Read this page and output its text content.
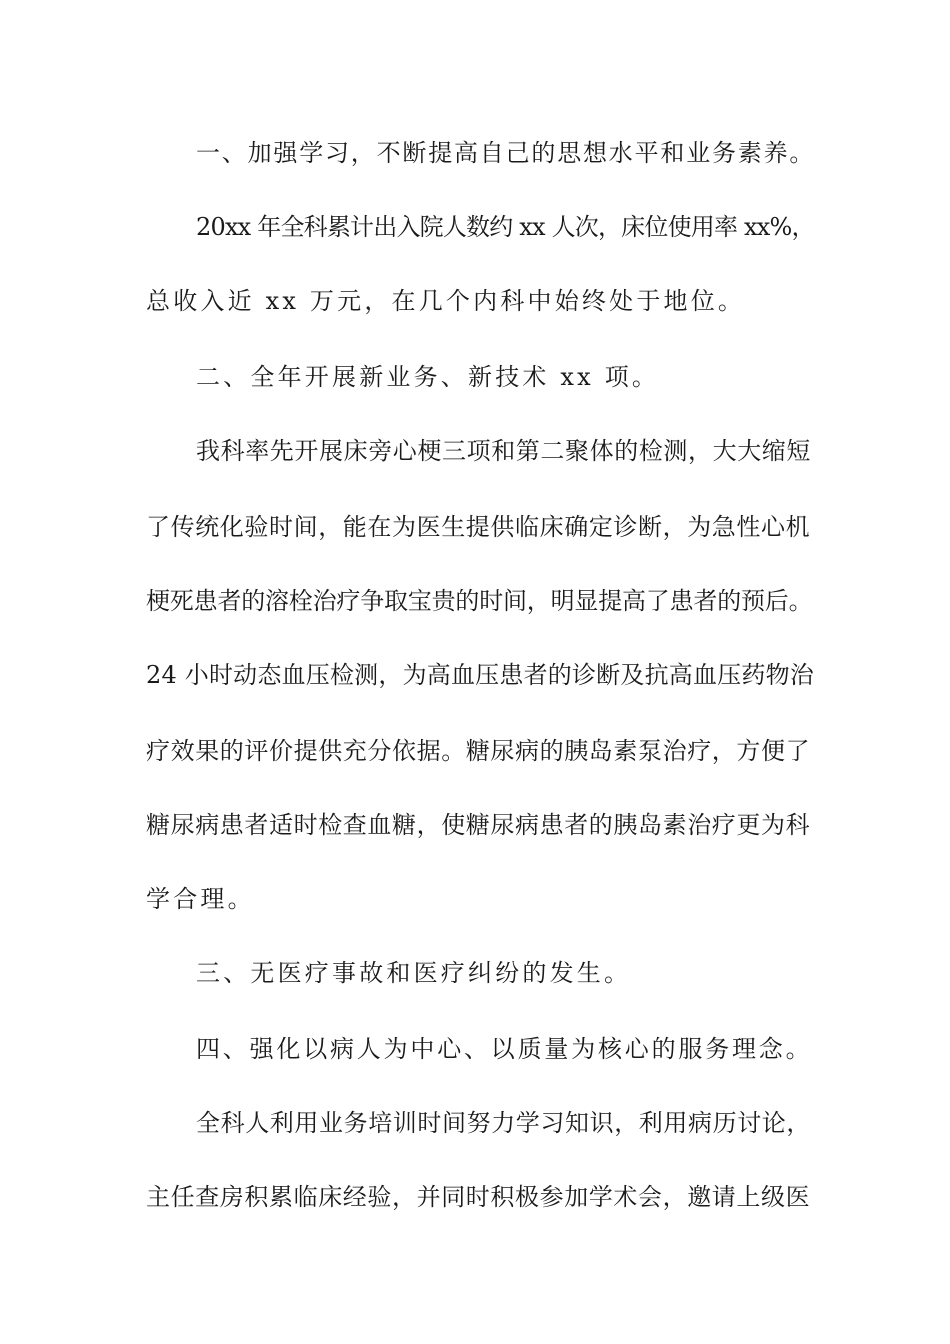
一、加强学习，不断提高自己的思想水平和业务素养。
20xx 年全科累计出入院人数约 xx 人次，床位使用率 xx%，
总收入近 xx 万元，在几个内科中始终处于地位。
二、全年开展新业务、新技术 xx 项。
我科率先开展床旁心梗三项和第二聚体的检测，大大缩短
了传统化验时间，能在为医生提供临床确定诊断，为急性心机
梗死患者的溶栓治疗争取宝贵的时间，明显提高了患者的预后。
24 小时动态血压检测，为高血压患者的诊断及抗高血压药物治
疗效果的评价提供充分依据。糖尿病的胰岛素泵治疗，方便了
糖尿病患者适时检查血糖，使糖尿病患者的胰岛素治疗更为科
学合理。
三、无医疗事故和医疗纠纷的发生。
四、强化以病人为中心、以质量为核心的服务理念。
全科人利用业务培训时间努力学习知识，利用病历讨论，
主任查房积累临床经验，并同时积极参加学术会，邀请上级医
